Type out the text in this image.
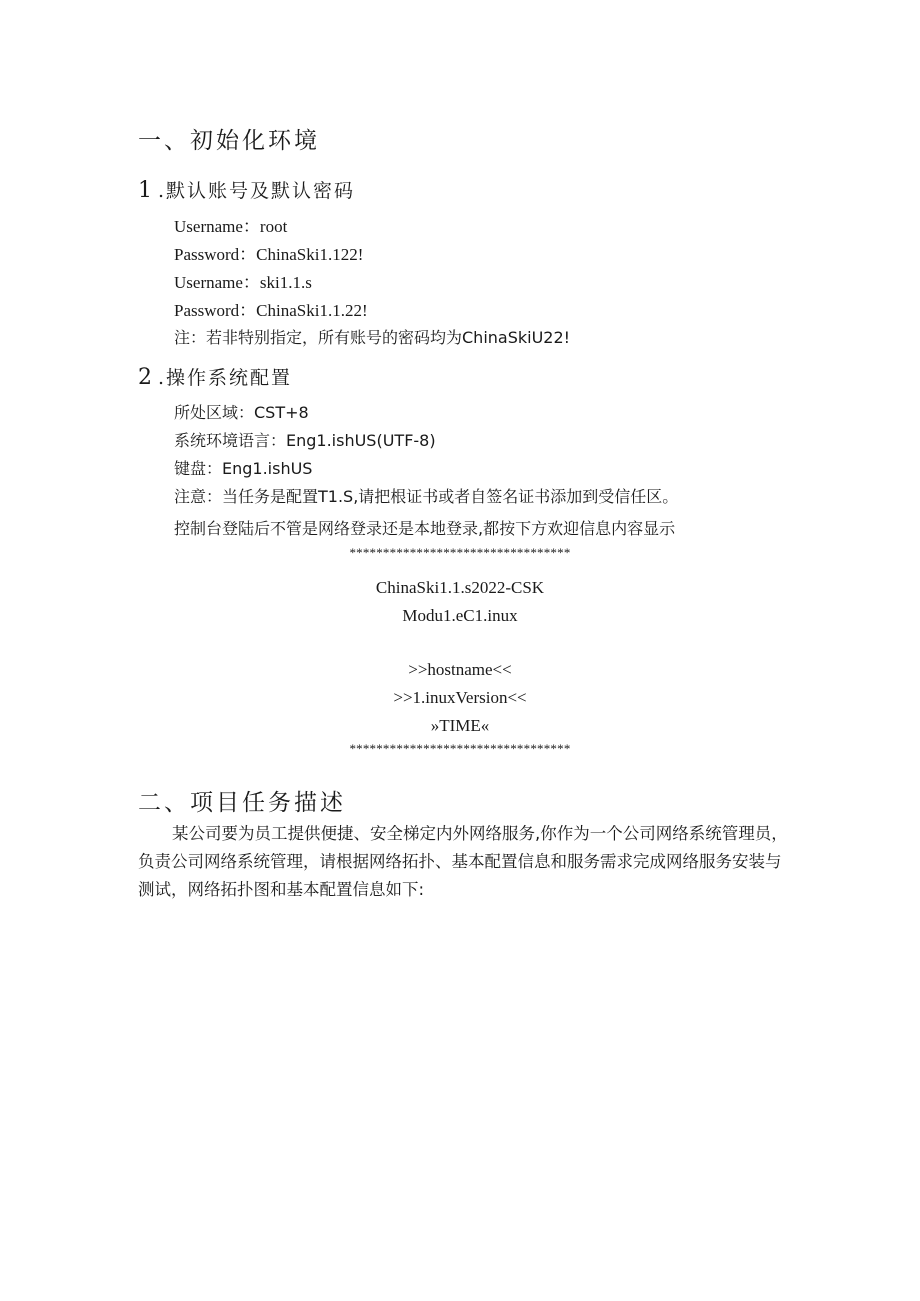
一、初始化环境
1 .默认账号及默认密码
Username：root
Password：ChinaSki1.122!
Username：ski1.1.s
Password：ChinaSki1.1.22!
注：若非特别指定，所有账号的密码均为ChinaSkiU22!
2 .操作系统配置
所处区域：CST+8
系统环境语言：Eng1.ishUS(UTF-8)
键盘：Eng1.ishUS
注意：当任务是配置T1.S,请把根证书或者自签名证书添加到受信任区。
控制台登陆后不管是网络登录还是本地登录,都按下方欢迎信息内容显示
*********************************
ChinaSki1.1.s2022-CSK
Modu1.eC1.inux
>>hostname<<
>>1.inuxVersion<<
»TIME«
*********************************
二、项目任务描述
某公司要为员工提供便捷、安全梯定内外网络服务,你作为一个公司网络系统管理员，负责公司网络系统管理，请根据网络拓扑、基本配置信息和服务需求完成网络服务安装与测试，网络拓扑图和基本配置信息如下:
